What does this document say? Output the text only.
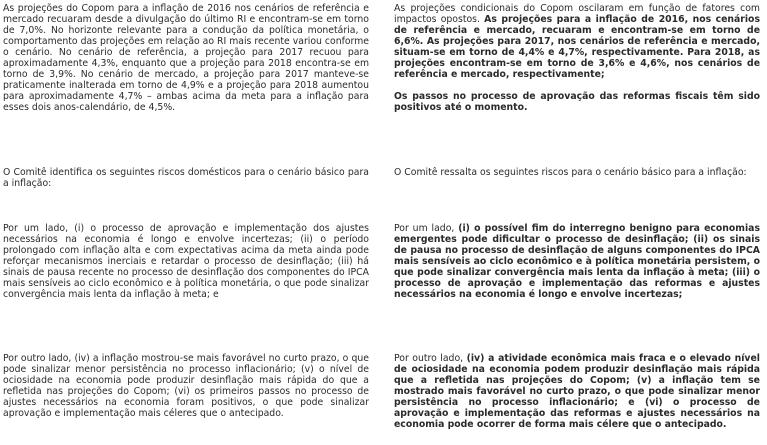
As projeções do Copom para a inflação de 2016 nos cenários de referência e mercado recuaram desde a divulgação do último RI e encontram-se em torno de 7,0%. No horizonte relevante para a condução da política monetária, o comportamento das projeções em relação ao RI mais recente variou conforme o cenário. No cenário de referência, a projeção para 2017 recuou para aproximadamente 4,3%, enquanto que a projeção para 2018 encontra-se em torno de 3,9%. No cenário de mercado, a projeção para 2017 manteve-se praticamente inalterada em torno de 4,9% e a projeção para 2018 aumentou para aproximadamente 4,7% – ambas acima da meta para a inflação para esses dois anos-calendário, de 4,5%.

As projeções condicionais do Copom oscilaram em função de fatores com impactos opostos. As projeções para a inflação de 2016, nos cenários de referência e mercado, recuaram e encontram-se em torno de 6,6%. As projeções para 2017, nos cenários de referência e mercado, situam-se em torno de 4,4% e 4,7%, respectivamente. Para 2018, as projeções encontram-se em torno de 3,6% e 4,6%, nos cenários de referência e mercado, respectivamente;

Os passos no processo de aprovação das reformas fiscais têm sido positivos até o momento.

O Comitê identifica os seguintes riscos domésticos para o cenário básico para a inflação:

O Comitê ressalta os seguintes riscos para o cenário básico para a inflação:

Por um lado, (i) o processo de aprovação e implementação dos ajustes necessários na economia é longo e envolve incertezas; (ii) o período prolongado com inflação alta e com expectativas acima da meta ainda pode reforçar mecanismos inerciais e retardar o processo de desinflação; (iii) há sinais de pausa recente no processo de desinflação dos componentes do IPCA mais sensíveis ao ciclo econômico e à política monetária, o que pode sinalizar convergência mais lenta da inflação à meta; e

Por um lado, (i) o possível fim do interregno benigno para economias emergentes pode dificultar o processo de desinflação; (ii) os sinais de pausa no processo de desinflação de alguns componentes do IPCA mais sensíveis ao ciclo econômico e à política monetária persistem, o que pode sinalizar convergência mais lenta da inflação à meta; (iii) o processo de aprovação e implementação das reformas e ajustes necessários na economia é longo e envolve incertezas;

Por outro lado, (iv) a inflação mostrou-se mais favorável no curto prazo, o que pode sinalizar menor persistência no processo inflacionário; (v) o nível de ociosidade na economia pode produzir desinflação mais rápida do que a refletida nas projeções do Copom; (vi) os primeiros passos no processo de ajustes necessários na economia foram positivos, o que pode sinalizar aprovação e implementação mais céleres que o antecipado.

Por outro lado, (iv) a atividade econômica mais fraca e o elevado nível de ociosidade na economia podem produzir desinflação mais rápida que a refletida nas projeções do Copom; (v) a inflação tem se mostrado mais favorável no curto prazo, o que pode sinalizar menor persistência no processo inflacionário; e (vi) o processo de aprovação e implementação das reformas e ajustes necessários na economia pode ocorrer de forma mais célere que o antecipado.
